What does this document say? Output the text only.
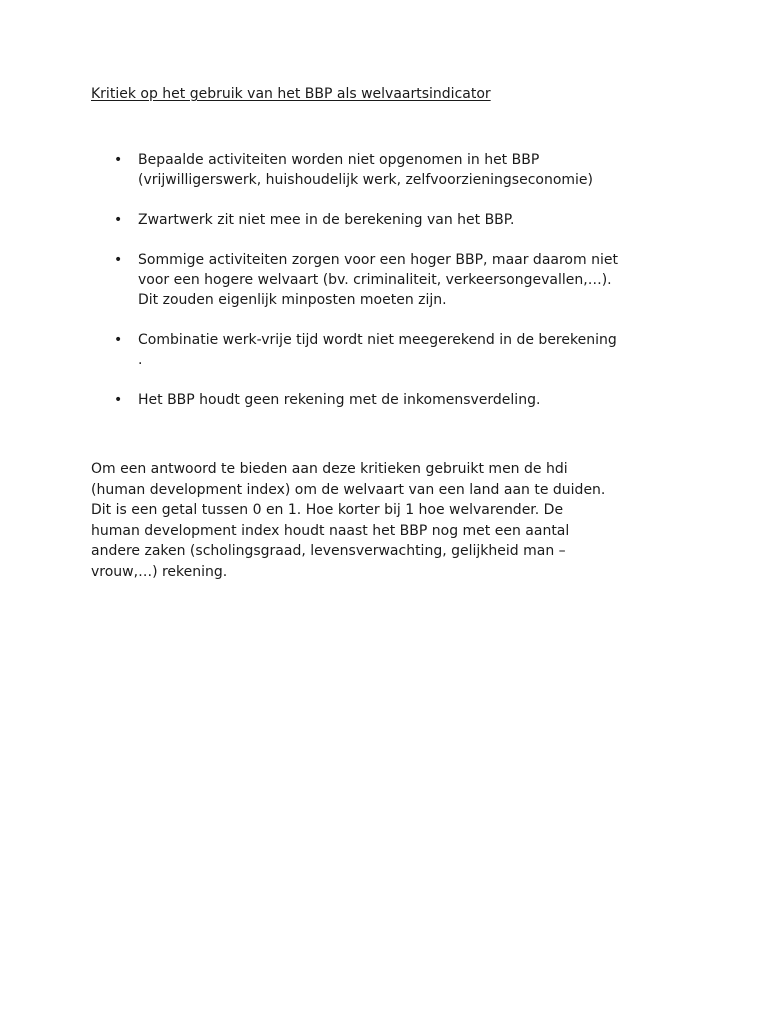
Kritiek op het gebruik van het BBP als welvaartsindicator
• Bepaalde activiteiten worden niet opgenomen in het BBP
(vrijwilligerswerk, huishoudelijk werk, zelfvoorzieningseconomie)
• Zwartwerk zit niet mee in de berekening van het BBP.
• Sommige activiteiten zorgen voor een hoger BBP, maar daarom niet
voor een hogere welvaart (bv. criminaliteit, verkeersongevallen,…).
Dit zouden eigenlijk minposten moeten zijn.
• Combinatie werk-vrije tijd wordt niet meegerekend in de berekening
.
• Het BBP houdt geen rekening met de inkomensverdeling.
Om een antwoord te bieden aan deze kritieken gebruikt men de hdi
(human development index) om de welvaart van een land aan te duiden.
Dit is een getal tussen 0 en 1. Hoe korter bij 1 hoe welvarender. De
human development index houdt naast het BBP nog met een aantal
andere zaken (scholingsgraad, levensverwachting, gelijkheid man –
vrouw,…) rekening.
